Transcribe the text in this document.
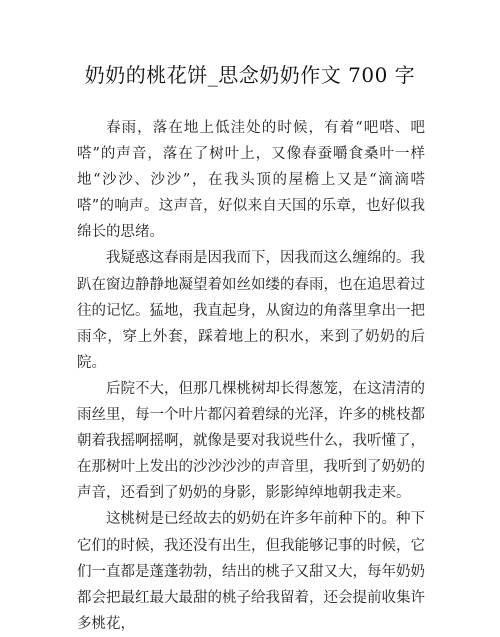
奶奶的桃花饼_思念奶奶作文 700 字

春雨，落在地上低洼处的时候，有着“吧嗒、吧嗒”的声音，落在了树叶上，又像春蚕嚼食桑叶一样地“沙沙、沙沙”，在我头顶的屋檐上又是“滴滴嗒嗒”的响声。这声音，好似来自天国的乐章，也好似我绵长的思绪。

我疑惑这春雨是因我而下，因我而这么缠绵的。我趴在窗边静静地凝望着如丝如缕的春雨，也在追思着过往的记忆。猛地，我直起身，从窗边的角落里拿出一把雨伞，穿上外套，踩着地上的积水，来到了奶奶的后院。

后院不大，但那几棵桃树却长得葱笼，在这清清的雨丝里，每一个叶片都闪着碧绿的光泽，许多的桃枝都朝着我摇啊摇啊，就像是要对我说些什么，我听懂了，在那树叶上发出的沙沙沙沙的声音里，我听到了奶奶的声音，还看到了奶奶的身影，影影绰绰地朝我走来。

这桃树是已经故去的奶奶在许多年前种下的。种下它们的时候，我还没有出生，但我能够记事的时候，它们一直都是蓬蓬勃勃，结出的桃子又甜又大，每年奶奶都会把最红最大最甜的桃子给我留着，还会提前收集许多桃花，
